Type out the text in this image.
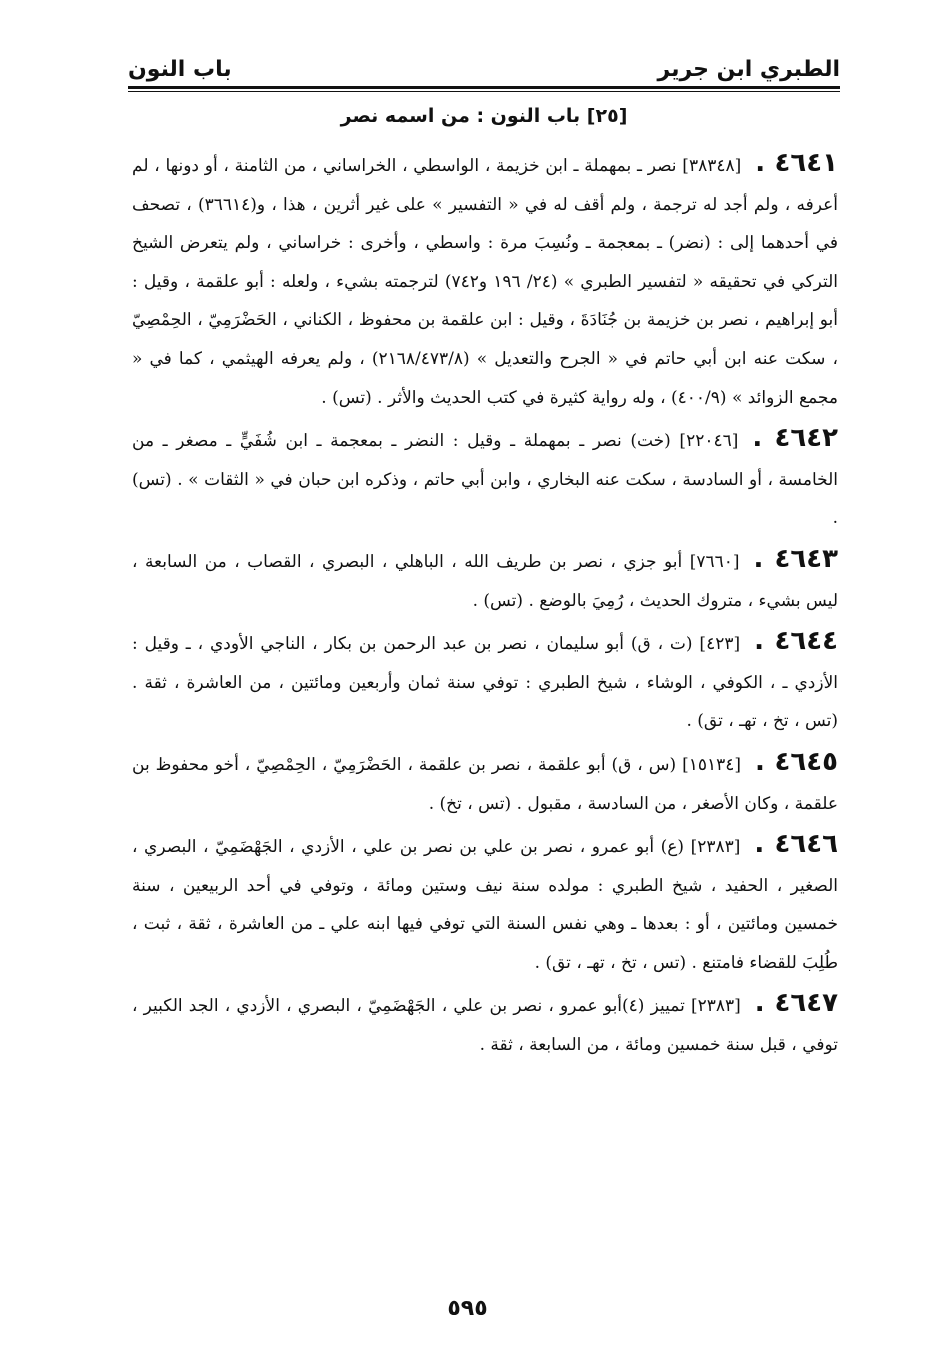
الطبري ابن جرير
باب النون
[٢٥] باب النون : من اسمه نصر

٤٦٤١ .[٣٨٣٤٨] نصر ـ بمهملة ـ ابن خزيمة ، الواسطي ، الخراساني ، من الثامنة ، أو دونها ، لم أعرفه ، ولم أجد له ترجمة ، ولم أقف له في « التفسير » على غير أثرين ، هذا ، و(٣٦٦١٤) ، تصحف في أحدهما إلى : (نضر) ـ بمعجمة ـ ونُسِبَ مرة : واسطي ، وأخرى : خراساني ، ولم يتعرض الشيخ التركي في تحقيقه « لتفسير الطبري » (٢٤/ ١٩٦ و٧٤٢) لترجمته بشيء ، ولعله : أبو علقمة ، وقيل : أبو إبراهيم ، نصر بن خزيمة بن جُنَادَةَ ، وقيل : ابن علقمة بن محفوظ ، الكناني ، الحَضْرَمِيّ ، الحِمْصِيّ ، سكت عنه ابن أبي حاتم في « الجرح والتعديل » (٢١٦٨/٤٧٣/٨) ، ولم يعرفه الهيثمي ، كما في « مجمع الزوائد » (٤٠٠/٩) ، وله رواية كثيرة في كتب الحديث والأثر . (تس) .

٤٦٤٢ .[٢٢٠٤٦] (خت) نصر ـ بمهملة ـ وقيل : النضر ـ بمعجمة ـ ابن شُفَيٍّ ـ مصغر ـ من الخامسة ، أو السادسة ، سكت عنه البخاري ، وابن أبي حاتم ، وذكره ابن حبان في « الثقات » . (تس) .

٤٦٤٣ .[٧٦٦٠] أبو جزي ، نصر بن طريف الله ، الباهلي ، البصري ، القصاب ، من السابعة ، ليس بشيء ، متروك الحديث ، رُمِيَ بالوضع . (تس) .

٤٦٤٤ .[٤٢٣] (ت ، ق) أبو سليمان ، نصر بن عبد الرحمن بن بكار ، الناجي الأودي ، ـ وقيل : الأزدي ـ ، الكوفي ، الوشاء ، شيخ الطبري : توفي سنة ثمان وأربعين ومائتين ، من العاشرة ، ثقة . (تس ، تخ ، تهـ ، تق) .

٤٦٤٥ .[١٥١٣٤] (س ، ق) أبو علقمة ، نصر بن علقمة ، الحَضْرَمِيّ ، الحِمْصِيّ ، أخو محفوظ بن علقمة ، وكان الأصغر ، من السادسة ، مقبول . (تس ، تخ) .

٤٦٤٦ .[٢٣٨٣] (ع) أبو عمرو ، نصر بن علي بن نصر بن علي ، الأزدي ، الجَهْضَمِيّ ، البصري ، الصغير ، الحفيد ، شيخ الطبري : مولده سنة نيف وستين ومائة ، وتوفي في أحد الربيعين ، سنة خمسين ومائتين ، أو : بعدها ـ وهي نفس السنة التي توفي فيها ابنه علي ـ من العاشرة ، ثقة ، ثبت ، طُلِبَ للقضاء فامتنع . (تس ، تخ ، تهـ ، تق) .

٤٦٤٧ .[٢٣٨٣] تمييز (٤)أبو عمرو ، نصر بن علي ، الجَهْضَمِيّ ، البصري ، الأزدي ، الجد الكبير ، توفي ، قبل سنة خمسين ومائة ، من السابعة ، ثقة .

٥٩٥
